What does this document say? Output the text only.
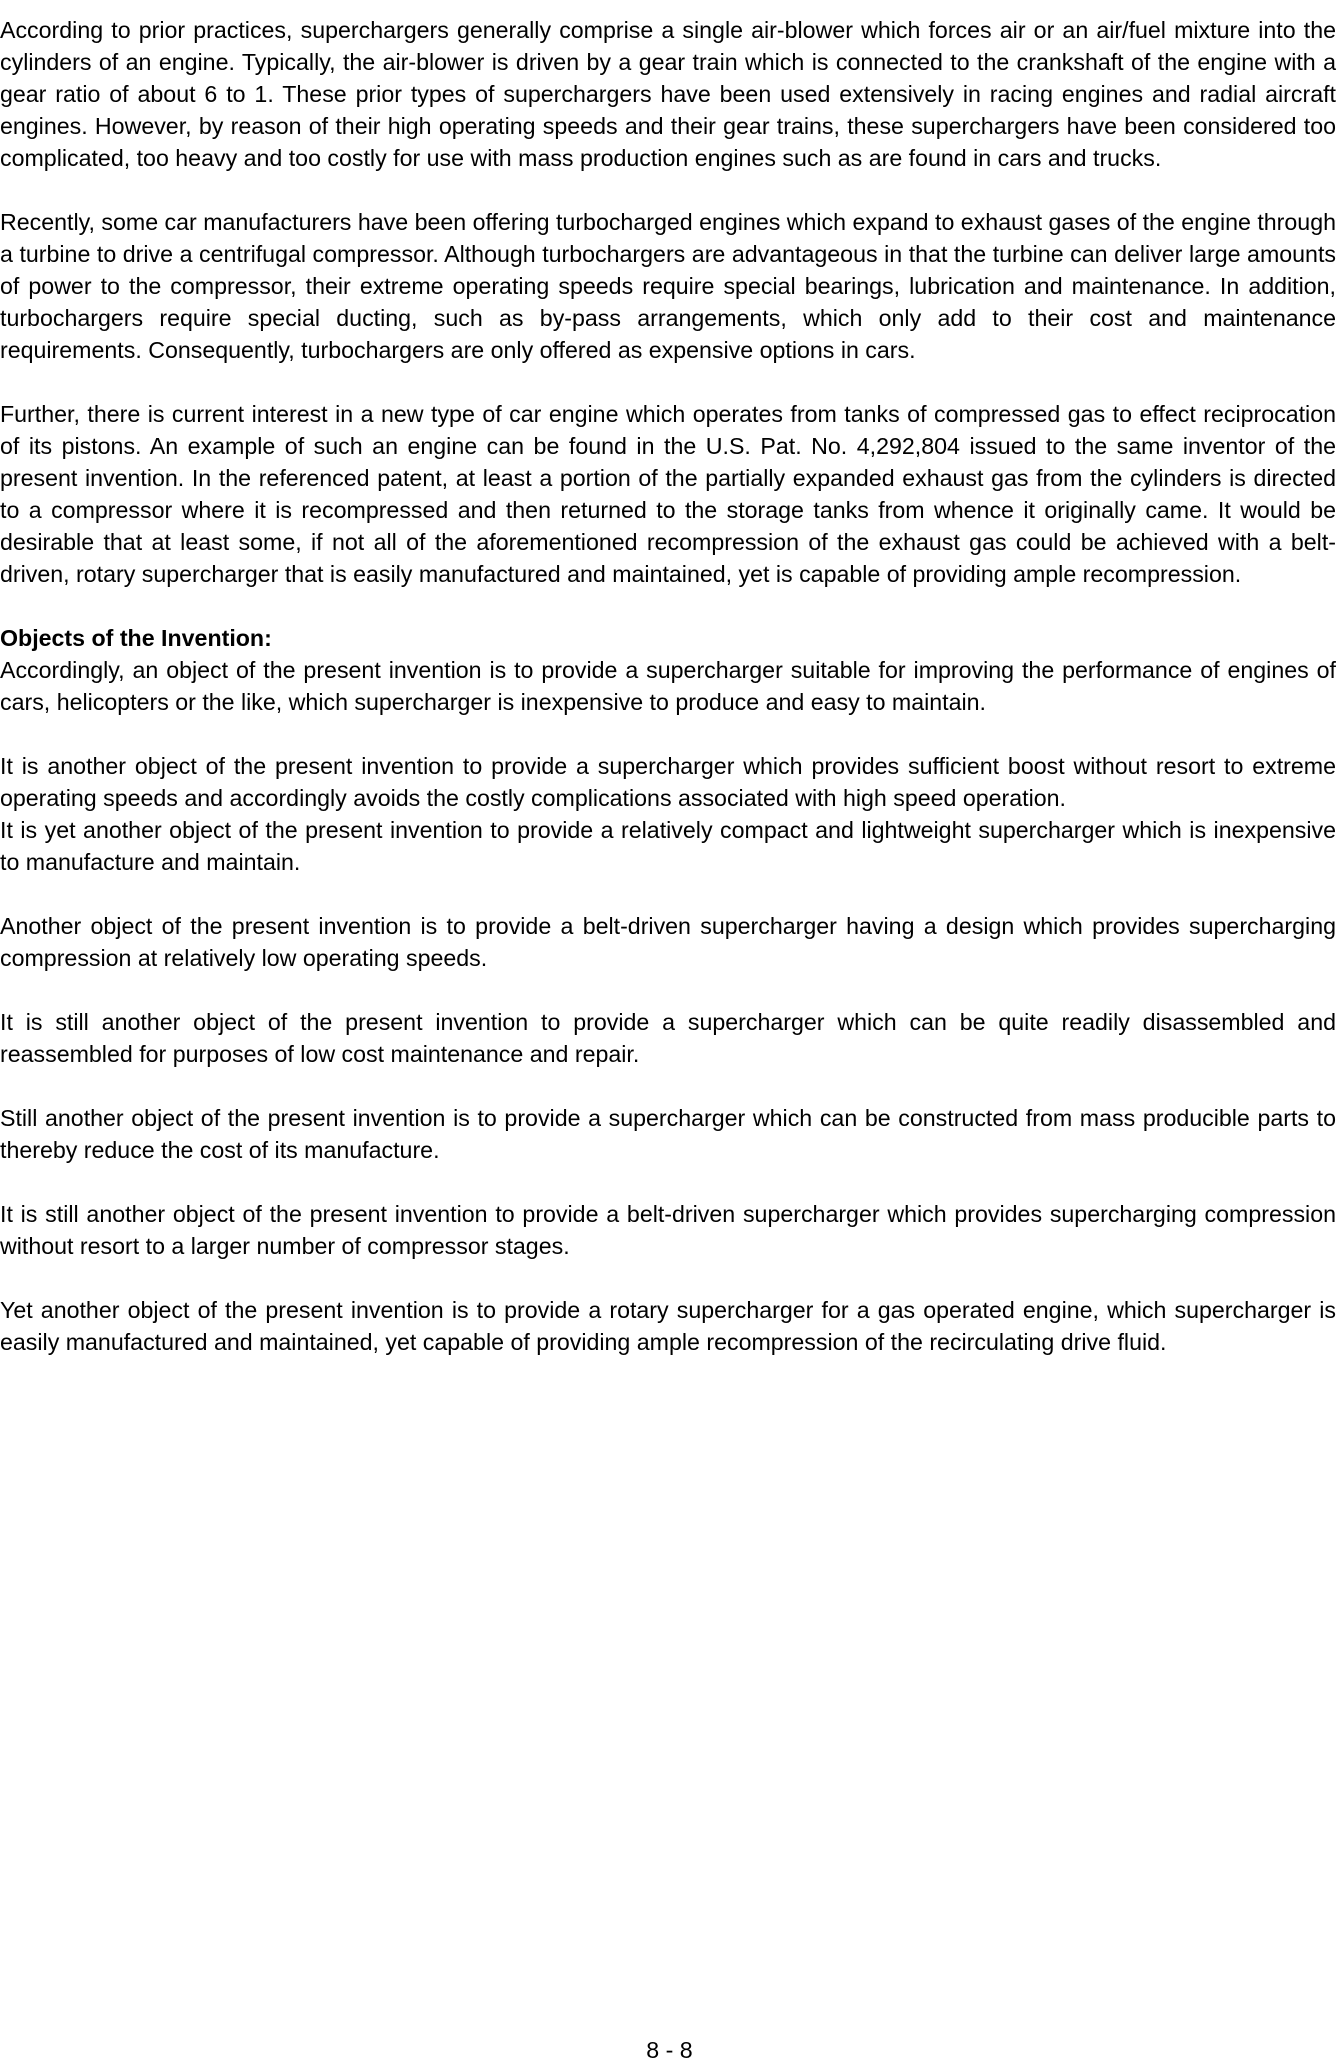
According to prior practices, superchargers generally comprise a single air-blower which forces air or an air/fuel mixture into the cylinders of an engine. Typically, the air-blower is driven by a gear train which is connected to the crankshaft of the engine with a gear ratio of about 6 to 1. These prior types of superchargers have been used extensively in racing engines and radial aircraft engines. However, by reason of their high operating speeds and their gear trains, these superchargers have been considered too complicated, too heavy and too costly for use with mass production engines such as are found in cars and trucks.

Recently, some car manufacturers have been offering turbocharged engines which expand to exhaust gases of the engine through a turbine to drive a centrifugal compressor. Although turbochargers are advantageous in that the turbine can deliver large amounts of power to the compressor, their extreme operating speeds require special bearings, lubrication and maintenance. In addition, turbochargers require special ducting, such as by-pass arrangements, which only add to their cost and maintenance requirements. Consequently, turbochargers are only offered as expensive options in cars.

Further, there is current interest in a new type of car engine which operates from tanks of compressed gas to effect reciprocation of its pistons. An example of such an engine can be found in the U.S. Pat. No. 4,292,804 issued to the same inventor of the present invention. In the referenced patent, at least a portion of the partially expanded exhaust gas from the cylinders is directed to a compressor where it is recompressed and then returned to the storage tanks from whence it originally came. It would be desirable that at least some, if not all of the aforementioned recompression of the exhaust gas could be achieved with a belt-driven, rotary supercharger that is easily manufactured and maintained, yet is capable of providing ample recompression.

Objects of the Invention:

Accordingly, an object of the present invention is to provide a supercharger suitable for improving the performance of engines of cars, helicopters or the like, which supercharger is inexpensive to produce and easy to maintain.

It is another object of the present invention to provide a supercharger which provides sufficient boost without resort to extreme operating speeds and accordingly avoids the costly complications associated with high speed operation.

It is yet another object of the present invention to provide a relatively compact and lightweight supercharger which is inexpensive to manufacture and maintain.

Another object of the present invention is to provide a belt-driven supercharger having a design which provides supercharging compression at relatively low operating speeds.

It is still another object of the present invention to provide a supercharger which can be quite readily disassembled and reassembled for purposes of low cost maintenance and repair.

Still another object of the present invention is to provide a supercharger which can be constructed from mass producible parts to thereby reduce the cost of its manufacture.

It is still another object of the present invention to provide a belt-driven supercharger which provides supercharging compression without resort to a larger number of compressor stages.

Yet another object of the present invention is to provide a rotary supercharger for a gas operated engine, which supercharger is easily manufactured and maintained, yet capable of providing ample recompression of the recirculating drive fluid.

8 - 8
